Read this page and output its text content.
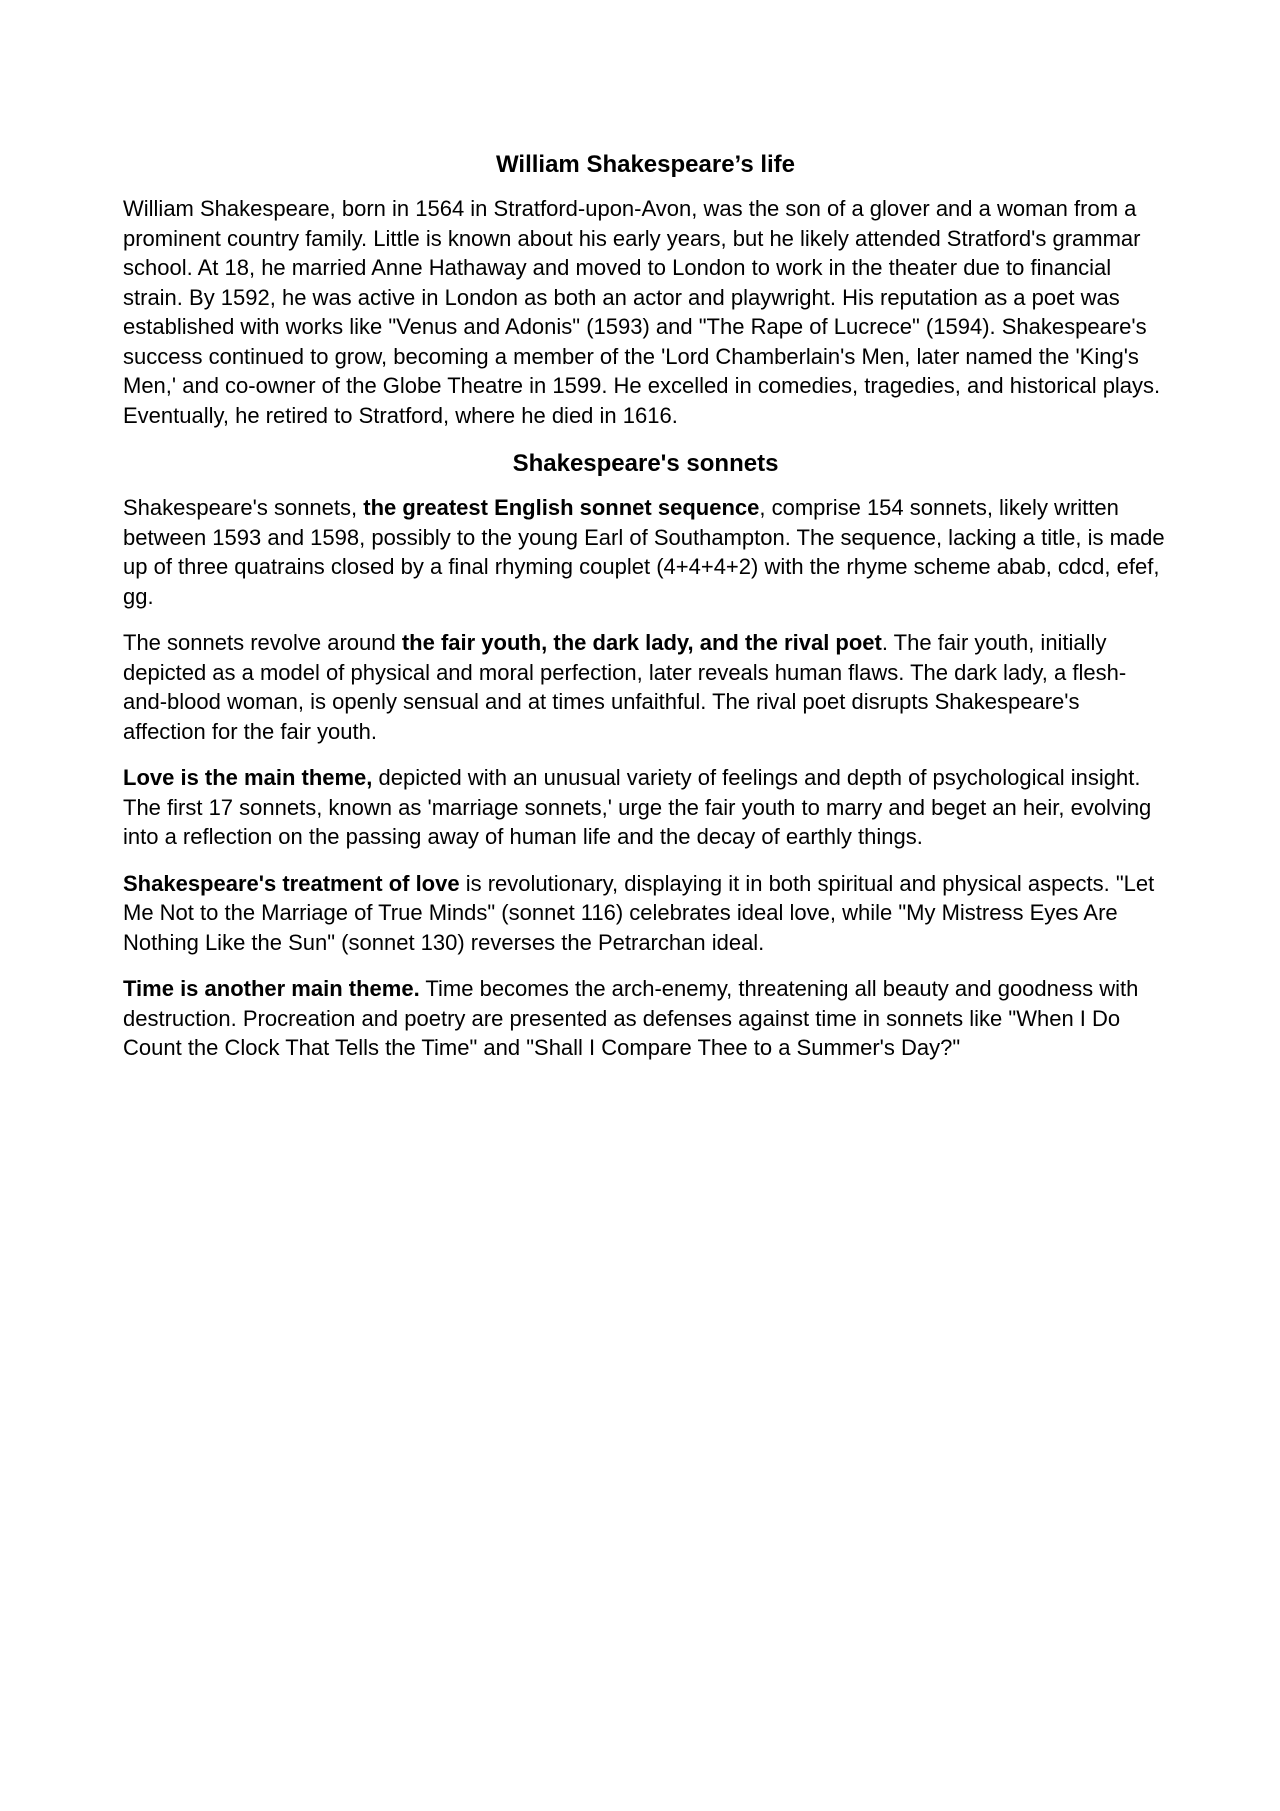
William Shakespeare’s life

William Shakespeare, born in 1564 in Stratford-upon-Avon, was the son of a glover and a woman from a prominent country family. Little is known about his early years, but he likely attended Stratford's grammar school. At 18, he married Anne Hathaway and moved to London to work in the theater due to financial strain. By 1592, he was active in London as both an actor and playwright. His reputation as a poet was established with works like "Venus and Adonis" (1593) and "The Rape of Lucrece" (1594). Shakespeare's success continued to grow, becoming a member of the 'Lord Chamberlain's Men, later named the 'King's Men,' and co-owner of the Globe Theatre in 1599. He excelled in comedies, tragedies, and historical plays. Eventually, he retired to Stratford, where he died in 1616.

Shakespeare's sonnets

Shakespeare's sonnets, the greatest English sonnet sequence, comprise 154 sonnets, likely written between 1593 and 1598, possibly to the young Earl of Southampton. The sequence, lacking a title, is made up of three quatrains closed by a final rhyming couplet (4+4+4+2) with the rhyme scheme abab, cdcd, efef, gg.

The sonnets revolve around the fair youth, the dark lady, and the rival poet. The fair youth, initially depicted as a model of physical and moral perfection, later reveals human flaws. The dark lady, a flesh-and-blood woman, is openly sensual and at times unfaithful. The rival poet disrupts Shakespeare's affection for the fair youth.

Love is the main theme, depicted with an unusual variety of feelings and depth of psychological insight. The first 17 sonnets, known as 'marriage sonnets,' urge the fair youth to marry and beget an heir, evolving into a reflection on the passing away of human life and the decay of earthly things.

Shakespeare's treatment of love is revolutionary, displaying it in both spiritual and physical aspects. "Let Me Not to the Marriage of True Minds" (sonnet 116) celebrates ideal love, while "My Mistress Eyes Are Nothing Like the Sun" (sonnet 130) reverses the Petrarchan ideal.

Time is another main theme. Time becomes the arch-enemy, threatening all beauty and goodness with destruction. Procreation and poetry are presented as defenses against time in sonnets like "When I Do Count the Clock That Tells the Time" and "Shall I Compare Thee to a Summer's Day?"
